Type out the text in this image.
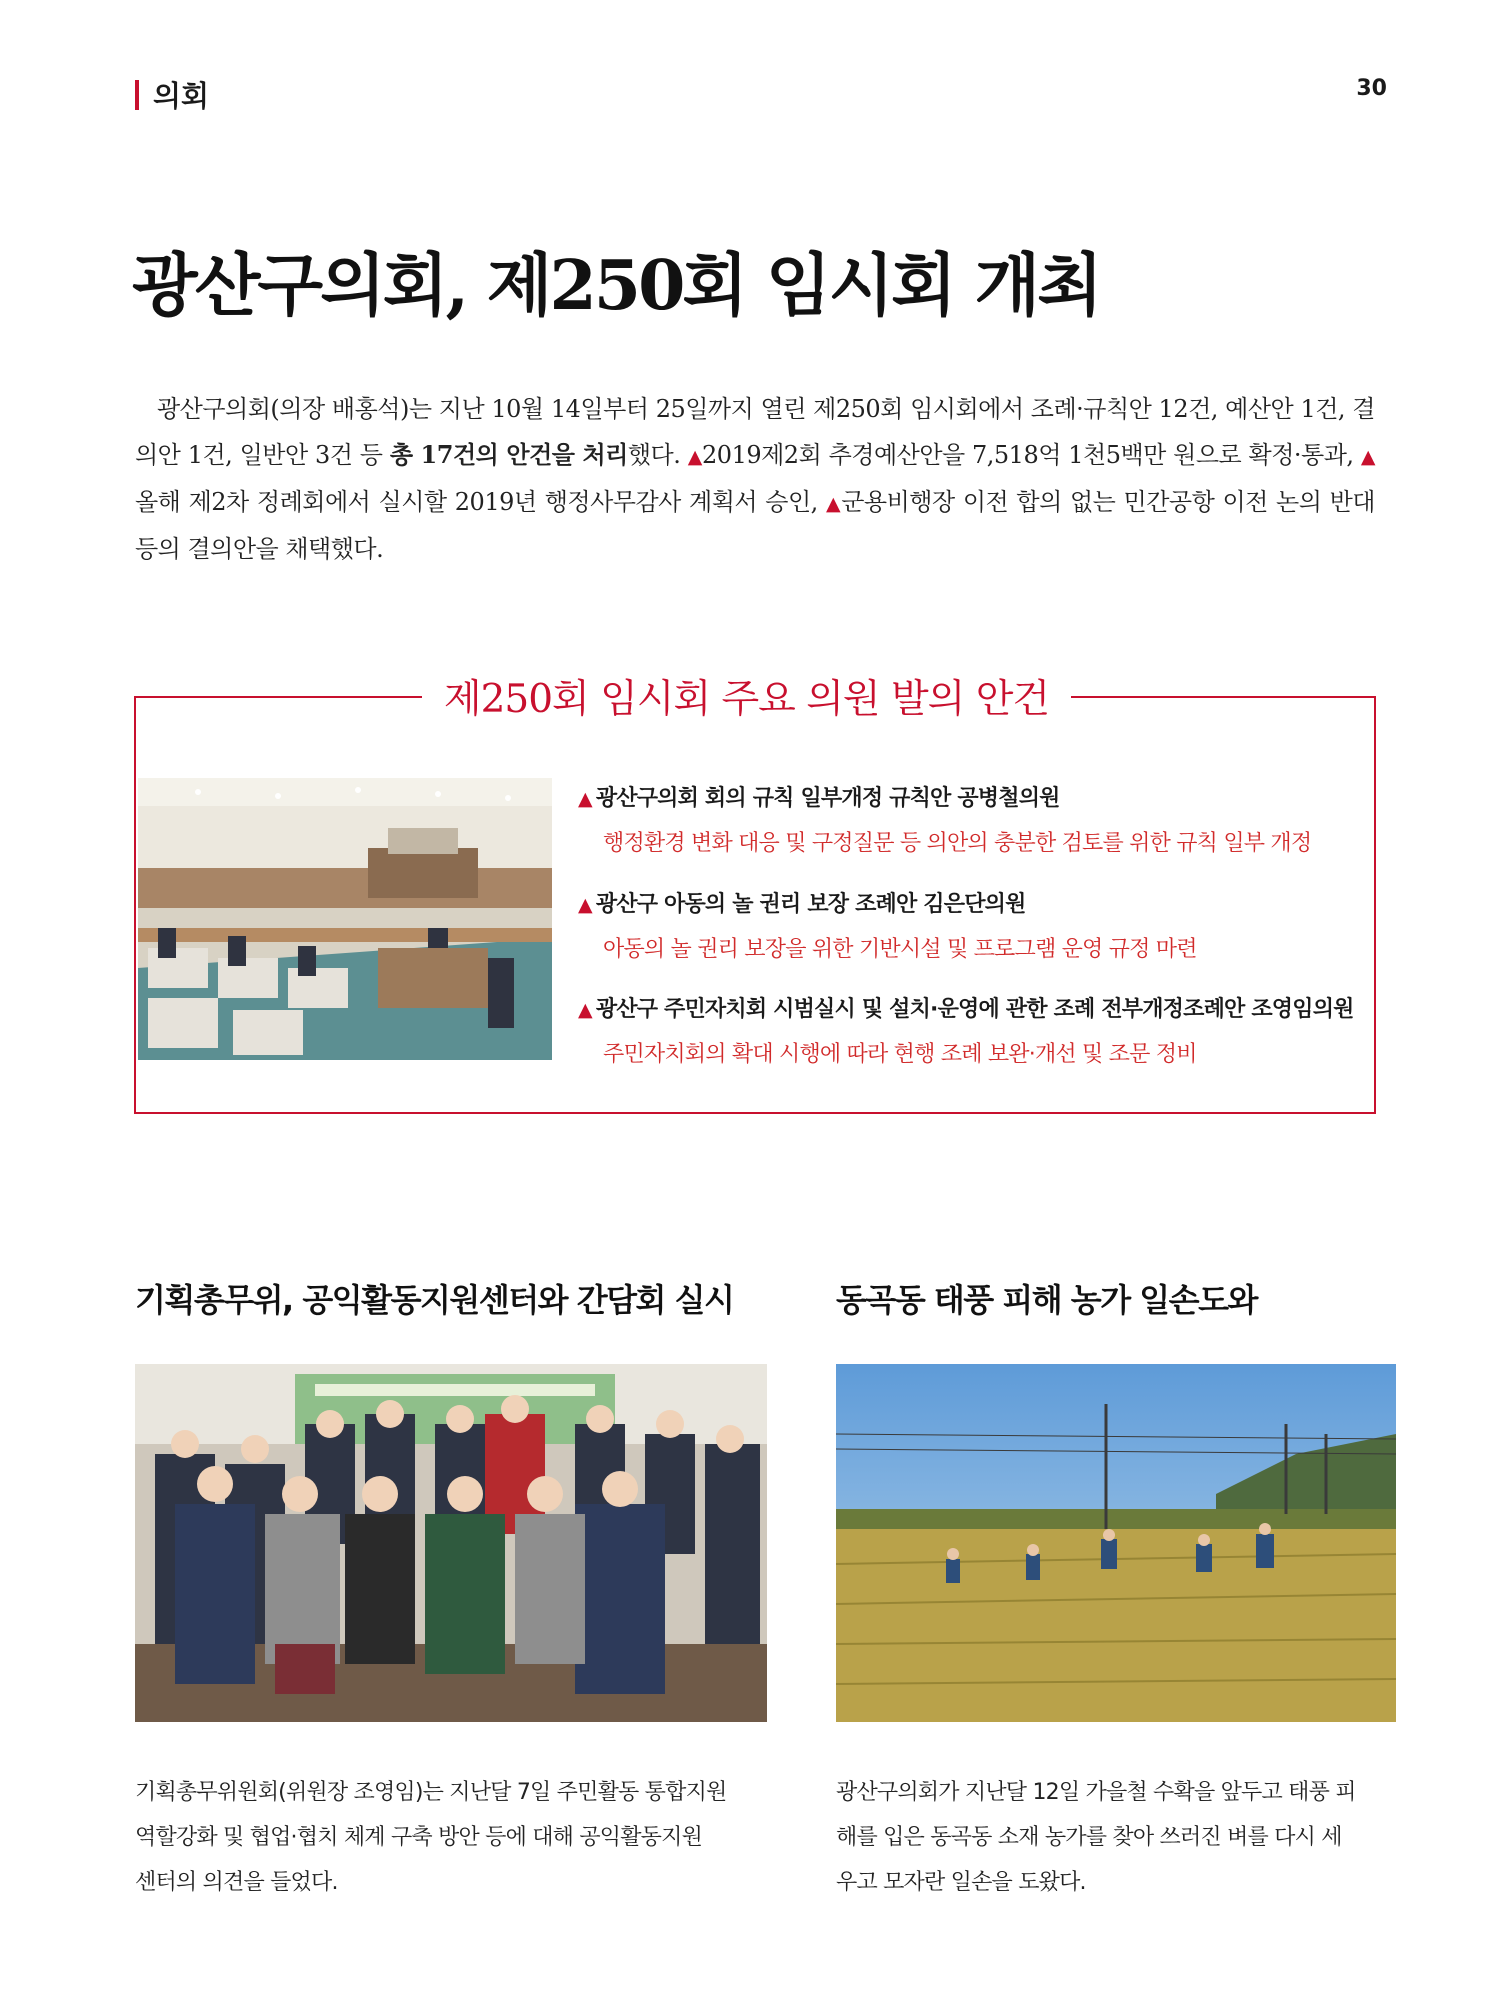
의회	30
광산구의회, 제250회 임시회 개최
광산구의회(의장 배홍석)는 지난 10월 14일부터 25일까지 열린 제250회 임시회에서 조례·규칙안 12건, 예산안 1건, 결의안 1건, 일반안 3건 등 총 17건의 안건을 처리했다. ▲2019제2회 추경예산안을 7,518억 1천5백만 원으로 확정·통과, ▲올해 제2차 정례회에서 실시할 2019년 행정사무감사 계획서 승인, ▲군용비행장 이전 합의 없는 민간공항 이전 논의 반대 등의 결의안을 채택했다.
제250회 임시회 주요 의원 발의 안건
▲ 광산구의회 회의 규칙 일부개정 규칙안 공병철의원
행정환경 변화 대응 및 구정질문 등 의안의 충분한 검토를 위한 규칙 일부 개정
▲ 광산구 아동의 놀 권리 보장 조례안 김은단의원
아동의 놀 권리 보장을 위한 기반시설 및 프로그램 운영 규정 마련
▲ 광산구 주민자치회 시범실시 및 설치·운영에 관한 조례 전부개정조례안 조영임의원
주민자치회의 확대 시행에 따라 현행 조례 보완·개선 및 조문 정비
기획총무위, 공익활동지원센터와 간담회 실시
기획총무위원회(위원장 조영임)는 지난달 7일 주민활동 통합지원
역할강화 및 협업·협치 체계 구축 방안 등에 대해 공익활동지원
센터의 의견을 들었다.
동곡동 태풍 피해 농가 일손도와
광산구의회가 지난달 12일 가을철 수확을 앞두고 태풍 피
해를 입은 동곡동 소재 농가를 찾아 쓰러진 벼를 다시 세
우고 모자란 일손을 도왔다.
